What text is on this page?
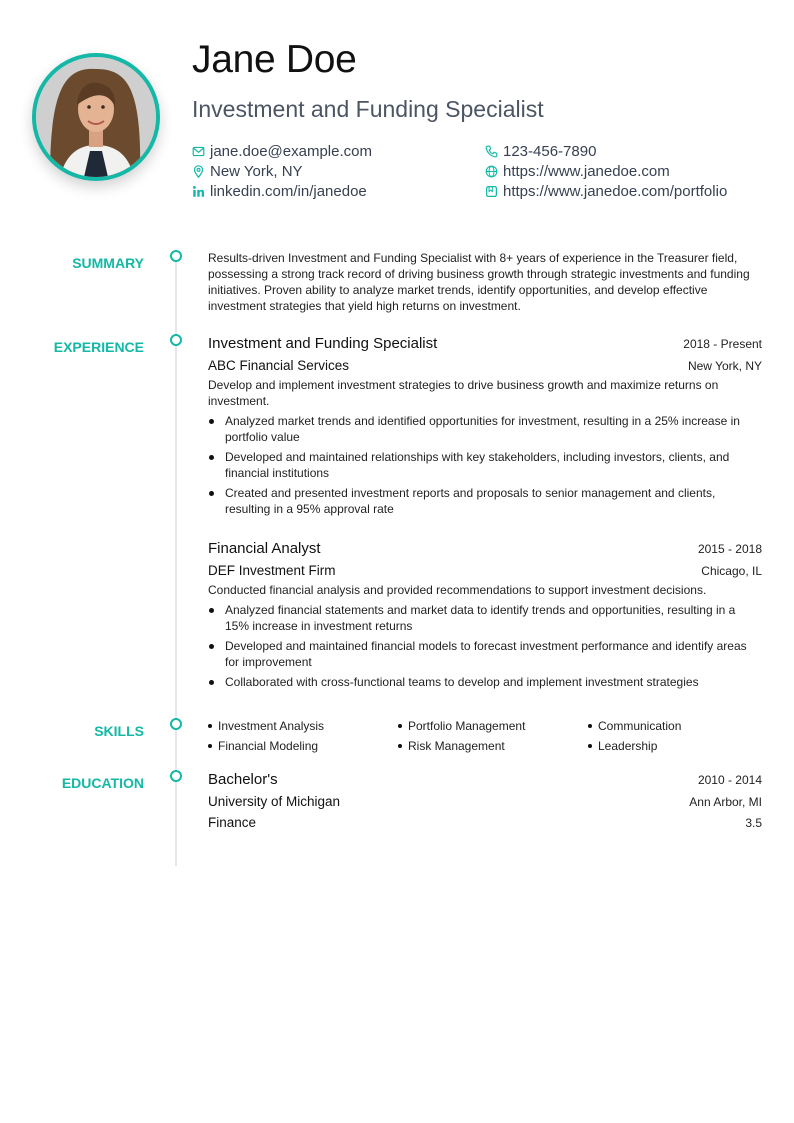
Jane Doe
Investment and Funding Specialist
jane.doe@example.com
New York, NY
linkedin.com/in/janedoe
123-456-7890
https://www.janedoe.com
https://www.janedoe.com/portfolio
SUMMARY	Results-driven Investment and Funding Specialist with 8+ years of experience in the Treasurer field, possessing a strong track record of driving business growth through strategic investments and funding initiatives. Proven ability to analyze market trends, identify opportunities, and develop effective investment strategies that yield high returns on investment.
EXPERIENCE	Investment and Funding Specialist	2018 - Present
ABC Financial Services	New York, NY
Develop and implement investment strategies to drive business growth and maximize returns on investment.
Analyzed market trends and identified opportunities for investment, resulting in a 25% increase in portfolio value
Developed and maintained relationships with key stakeholders, including investors, clients, and financial institutions
Created and presented investment reports and proposals to senior management and clients, resulting in a 95% approval rate
Financial Analyst	2015 - 2018
DEF Investment Firm	Chicago, IL
Conducted financial analysis and provided recommendations to support investment decisions.
Analyzed financial statements and market data to identify trends and opportunities, resulting in a 15% increase in investment returns
Developed and maintained financial models to forecast investment performance and identify areas for improvement
Collaborated with cross-functional teams to develop and implement investment strategies
SKILLS	Investment Analysis	Portfolio Management	Communication
Financial Modeling	Risk Management	Leadership
EDUCATION	Bachelor's	2010 - 2014
University of Michigan	Ann Arbor, MI
Finance	3.5
